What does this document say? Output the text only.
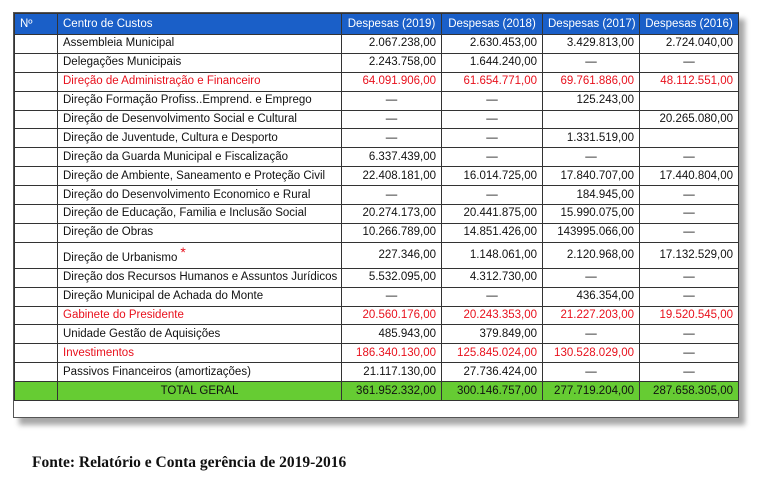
Nº	Centro de Custos	Despesas (2019)	Despesas (2018)	Despesas (2017)	Despesas (2016)
	Assembleia Municipal	2.067.238,00	2.630.453,00	3.429.813,00	2.724.040,00
	Delegações Municipais	2.243.758,00	1.644.240,00	—	—
	Direção de Administração e Financeiro	64.091.906,00	61.654.771,00	69.761.886,00	48.112.551,00
	Direção Formação Profiss..Emprend. e Emprego	—	—	125.243,00	
	Direção de Desenvolvimento Social e Cultural	—	—		20.265.080,00
	Direção de Juventude, Cultura e Desporto	—	—	1.331.519,00	
	Direção da Guarda Municipal e Fiscalização	6.337.439,00	—	—	—
	Direção de Ambiente, Saneamento e Proteção Civil	22.408.181,00	16.014.725,00	17.840.707,00	17.440.804,00
	Direção do Desenvolvimento Economico e Rural	—	—	184.945,00	—
	Direção de Educação, Familia e Inclusão Social	20.274.173,00	20.441.875,00	15.990.075,00	—
	Direção de Obras	10.266.789,00	14.851.426,00	143995.066,00	—
	Direção de Urbanismo *	227.346,00	1.148.061,00	2.120.968,00	17.132.529,00
	Direção dos Recursos Humanos e Assuntos Jurídicos	5.532.095,00	4.312.730,00	—	—
	Direção Municipal de Achada do Monte	—	—	436.354,00	—
	Gabinete do Presidente	20.560.176,00	20.243.353,00	21.227.203,00	19.520.545,00
	Unidade Gestão de Aquisições	485.943,00	379.849,00	—	—
	Investimentos	186.340.130,00	125.845.024,00	130.528.029,00	—
	Passivos Financeiros (amortizações)	21.117.130,00	27.736.424,00	—	—
	TOTAL GERAL	361.952.332,00	300.146.757,00	277.719.204,00	287.658.305,00
Fonte: Relatório e Conta gerência de 2019-2016
